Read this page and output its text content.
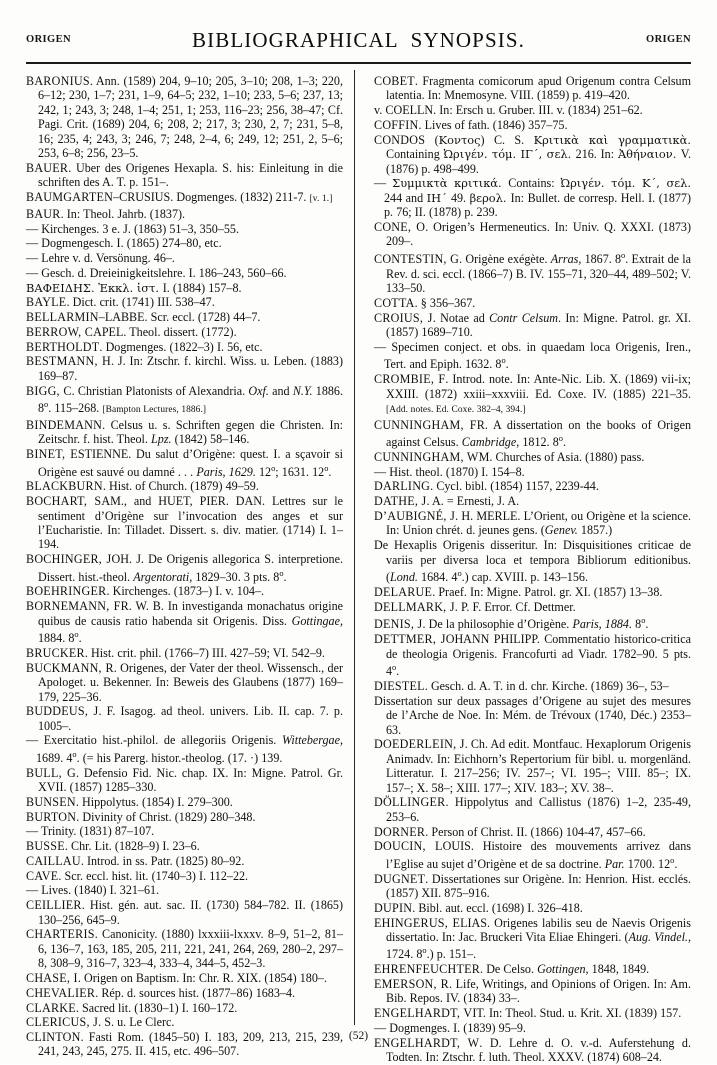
ORIGEN	BIBLIOGRAPHICAL  SYNOPSIS.	ORIGEN

BARONIUS. Ann. (1589) 204, 9–10; 205, 3–10; 208, 1–3; 220, 6–12; 230, 1–7; 231, 1–9, 64–5; 232, 1–10; 233, 5–6; 237, 13; 242, 1; 243, 3; 248, 1–4; 251, 1; 253, 116–23; 256, 38–47; Cf. Pagi. Crit. (1689) 204, 6; 208, 2; 217, 3; 230, 2, 7; 231, 5–8, 16; 235, 4; 243, 3; 246, 7; 248, 2–4, 6; 249, 12; 251, 2, 5–6; 253, 6–8; 256, 23–5.

BAUER. Uber des Origenes Hexapla. S. his: Einleitung in die schriften des A. T. p. 151–.

BAUMGARTEN–CRUSIUS. Dogmenges. (1832) 211-7. [v. 1.]

BAUR. In: Theol. Jahrb. (1837).

— Kirchenges. 3 e. J. (1863) 51–3, 350–55.

— Dogmengesch. I. (1865) 274–80, etc.

— Lehre v. d. Versönung. 46–.

— Gesch. d. Dreieinigkeitslehre. I. 186–243, 560–66.

ΒΑΦΕΙΔΗΣ. Ἐκκλ. ἰστ. I. (1884) 157–8.

BAYLE. Dict. crit. (1741) III. 538–47.

BELLARMIN–LABBE. Scr. eccl. (1728) 44–7.

BERROW, CAPEL. Theol. dissert. (1772).

BERTHOLDT. Dogmenges. (1822–3) I. 56, etc.

BESTMANN, H. J. In: Ztschr. f. kirchl. Wiss. u. Leben. (1883) 169–87.

BIGG, C. Christian Platonists of Alexandria. Oxf. and N.Y. 1886. 8$^o$. 115–268. [Bampton Lectures, 1886.]

BINDEMANN. Celsus u. s. Schriften gegen die Christen. In: Zeitschr. f. hist. Theol. Lpz. (1842) 58–146.

BINET, ESTIENNE. Du salut d’Origène: quest. I. a sçavoir si Origène est sauvé ou damné . . . Paris, 1629. 12$^o$; 1631. 12$^o$.

BLACKBURN. Hist. of Church. (1879) 49–59.

BOCHART, SAM., and HUET, PIER. DAN. Lettres sur le sentiment d’Origène sur l’invocation des anges et sur l’Eucharistie. In: Tilladet. Dissert. s. div. matier. (1714) I. 1–194.

BOCHINGER, JOH. J. De Origenis allegorica S. interpretione. Dissert. hist.-theol. Argentorati, 1829–30. 3 pts. 8$^o$.

BOEHRINGER. Kirchenges. (1873–) I. v. 104–.

BORNEMANN, FR. W. B. In investiganda monachatus origine quibus de causis ratio habenda sit Origenis. Diss. Gottingae, 1884. 8$^o$.

BRUCKER. Hist. crit. phil. (1766–7) III. 427–59; VI. 542–9.

BUCKMANN, R. Origenes, der Vater der theol. Wissensch., der Apologet. u. Bekenner. In: Beweis des Glaubens (1877) 169–179, 225–36.

BUDDEUS, J. F. Isagog. ad theol. univers. Lib. II. cap. 7. p. 1005–.

— Exercitatio hist.-philol. de allegoriis Origenis. Wittebergae, 1689. 4$^o$. (= his Parerg. histor.-theolog. (17. ·) 139.

BULL, G. Defensio Fid. Nic. chap. IX. In: Migne. Patrol. Gr. XVII. (1857) 1285–330.

BUNSEN. Hippolytus. (1854) I. 279–300.

BURTON. Divinity of Christ. (1829) 280–348.

— Trinity. (1831) 87–107.

BUSSE. Chr. Lit. (1828–9) I. 23–6.

CAILLAU. Introd. in ss. Patr. (1825) 80–92.

CAVE. Scr. eccl. hist. lit. (1740–3) I. 112–22.

— Lives. (1840) I. 321–61.

CEILLIER. Hist. gén. aut. sac. II. (1730) 584–782. II. (1865) 130–256, 645–9.

CHARTERIS. Canonicity. (1880) lxxxiii-lxxxv. 8–9, 51–2, 81–6, 136–7, 163, 185, 205, 211, 221, 241, 264, 269, 280–2, 297–8, 308–9, 316–7, 323–4, 333–4, 344–5, 452–3.

CHASE, I. Origen on Baptism. In: Chr. R. XIX. (1854) 180–.

CHEVALIER. Rép. d. sources hist. (1877–86) 1683–4.

CLARKE. Sacred lit. (1830–1) I. 160–172.

CLERICUS, J. S. u. Le Clerc.

CLINTON. Fasti Rom. (1845–50) I. 183, 209, 213, 215, 239, 241, 243, 245, 275. II. 415, etc. 496–507.

COBET. Fragmenta comicorum apud Origenum contra Celsum latentia. In: Mnemosyne. VIII. (1859) p. 419–420.

v. COELLN. In: Ersch u. Gruber. III. v. (1834) 251–62.

COFFIN. Lives of fath. (1846) 357–75.

CONDOS (Κοντος) C. S. Κριτικὰ καὶ γραμματικὰ. Containing Ὠριγέν. τόμ. ΙΓ΄, σελ. 216. In: Ἀθήναιον. V. (1876) p. 498–499.

— Συμμικτὰ κριτικά. Contains: Ὠριγέν. τόμ. Κ΄, σελ. 244 and ΙΗ΄ 49. βερολ. In: Bullet. de corresp. Hell. I. (1877) p. 76; II. (1878) p. 239.

CONE, O. Origen’s Hermeneutics. In: Univ. Q. XXXI. (1873) 209–.

CONTESTIN, G. Origène exégète. Arras, 1867. 8$^o$. Extrait de la Rev. d. sci. eccl. (1866–7) B. IV. 155–71, 320–44, 489–502; V. 133–50.

COTTA. § 356–367.

CROIUS, J. Notae ad Contr Celsum. In: Migne. Patrol. gr. XI. (1857) 1689–710.

— Specimen conject. et obs. in quaedam loca Origenis, Iren., Tert. and Epiph. 1632. 8$^o$.

CROMBIE, F. Introd. note. In: Ante-Nic. Lib. X. (1869) vii-ix; XXIII. (1872) xxiii–xxxviii. Ed. Coxe. IV. (1885) 221–35. [Add. notes. Ed. Coxe. 382–4, 394.]

CUNNINGHAM, FR. A dissertation on the books of Origen against Celsus. Cambridge, 1812. 8$^o$.

CUNNINGHAM, WM. Churches of Asia. (1880) pass.

— Hist. theol. (1870) I. 154–8.

DARLING. Cycl. bibl. (1854) 1157, 2239-44.

DATHE, J. A. = Ernesti, J. A.

D’AUBIGNÉ, J. H. MERLE. L’Orient, ou Origène et la science. In: Union chrét. d. jeunes gens. (Genev. 1857.)

De Hexaplis Origenis disseritur. In: Disquisitiones criticae de variis per diversa loca et tempora Bibliorum editionibus. (Lond. 1684. 4$^o$.) cap. XVIII. p. 143–156.

DELARUE. Praef. In: Migne. Patrol. gr. XI. (1857) 13–38.

DELLMARK, J. P. F. Error. Cf. Dettmer.

DENIS, J. De la philosophie d’Origène. Paris, 1884. 8$^o$.

DETTMER, JOHANN PHILIPP. Commentatio historico-critica de theologia Origenis. Francofurti ad Viadr. 1782–90. 5 pts. 4$^o$.

DIESTEL. Gesch. d. A. T. in d. chr. Kirche. (1869) 36–, 53–

Dissertation sur deux passages d’Origene au sujet des mesures de l’Arche de Noe. In: Mém. de Trévoux (1740, Déc.) 2353–63.

DOEDERLEIN, J. Ch. Ad edit. Montfauc. Hexaplorum Origenis Animadv. In: Eichhorn’s Repertorium für bibl. u. morgenländ. Litteratur. I. 217–256; IV. 257–; VI. 195–; VIII. 85–; IX. 157–; X. 58–; XIII. 177–; XIV. 183–; XV. 38–.

DÖLLINGER. Hippolytus and Callistus (1876) 1–2, 235-49, 253–6.

DORNER. Person of Christ. II. (1866) 104-47, 457–66.

DOUCIN, LOUIS. Histoire des mouvements arrivez dans l’Eglise au sujet d’Origène et de sa doctrine. Par. 1700. 12$^o$.

DUGNET. Dissertationes sur Origène. In: Henrion. Hist. ecclés. (1857) XII. 875–916.

DUPIN. Bibl. aut. eccl. (1698) I. 326–418.

EHINGERUS, ELIAS. Origenes labilis seu de Naevis Origenis dissertatio. In: Jac. Bruckeri Vita Eliae Ehingeri. (Aug. Vindel., 1724. 8$^o$.) p. 151–.

EHRENFEUCHTER. De Celso. Gottingen, 1848, 1849.

EMERSON, R. Life, Writings, and Opinions of Origen. In: Am. Bib. Repos. IV. (1834) 33–.

ENGELHARDT, VIT. In: Theol. Stud. u. Krit. XI. (1839) 157.

— Dogmenges. I. (1839) 95–9.

ENGELHARDT, W. D. Lehre d. O. v.-d. Auferstehung d. Todten. In: Ztschr. f. luth. Theol. XXXV. (1874) 608–24.

(52)
